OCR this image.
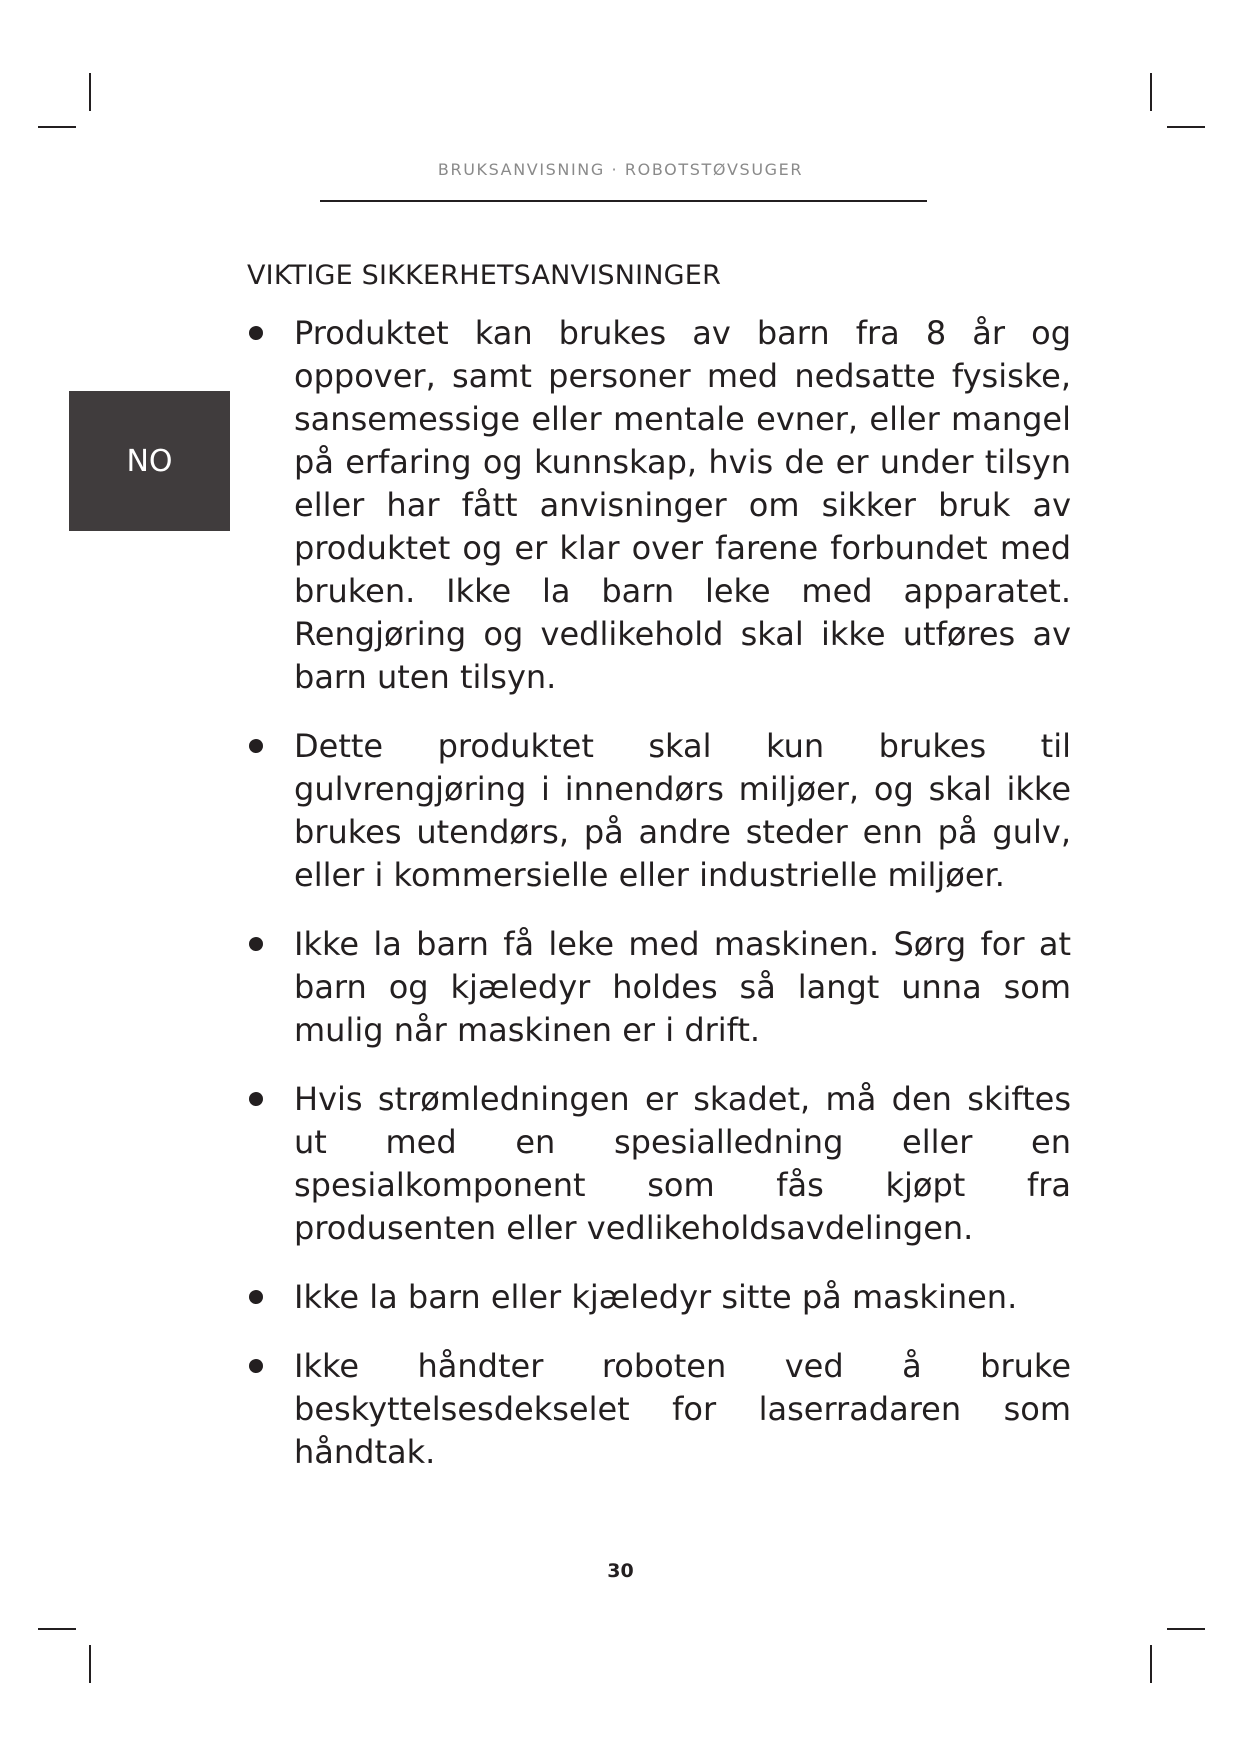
BRUKSANVISNING · ROBOTSTØVSUGER
NO
VIKTIGE SIKKERHETSANVISNINGER
Produktet kan brukes av barn fra 8 år og oppover, samt personer med nedsatte fysiske, sansemessige eller mentale evner, eller mangel på erfaring og kunnskap, hvis de er under tilsyn eller har fått anvisninger om sikker bruk av produktet og er klar over farene forbundet med bruken. Ikke la barn leke med apparatet. Rengjøring og vedlikehold skal ikke utføres av barn uten tilsyn.
Dette produktet skal kun brukes til gulvrengjøring i innendørs miljøer, og skal ikke brukes utendørs, på andre steder enn på gulv, eller i kommersielle eller industrielle miljøer.
Ikke la barn få leke med maskinen. Sørg for at barn og kjæledyr holdes så langt unna som mulig når maskinen er i drift.
Hvis strømledningen er skadet, må den skiftes ut med en spesialledning eller en spesialkomponent som fås kjøpt fra produsenten eller vedlikeholdsavdelingen.
Ikke la barn eller kjæledyr sitte på maskinen.
Ikke håndter roboten ved å bruke beskyttelsesdekselet for laserradaren som håndtak.
30
